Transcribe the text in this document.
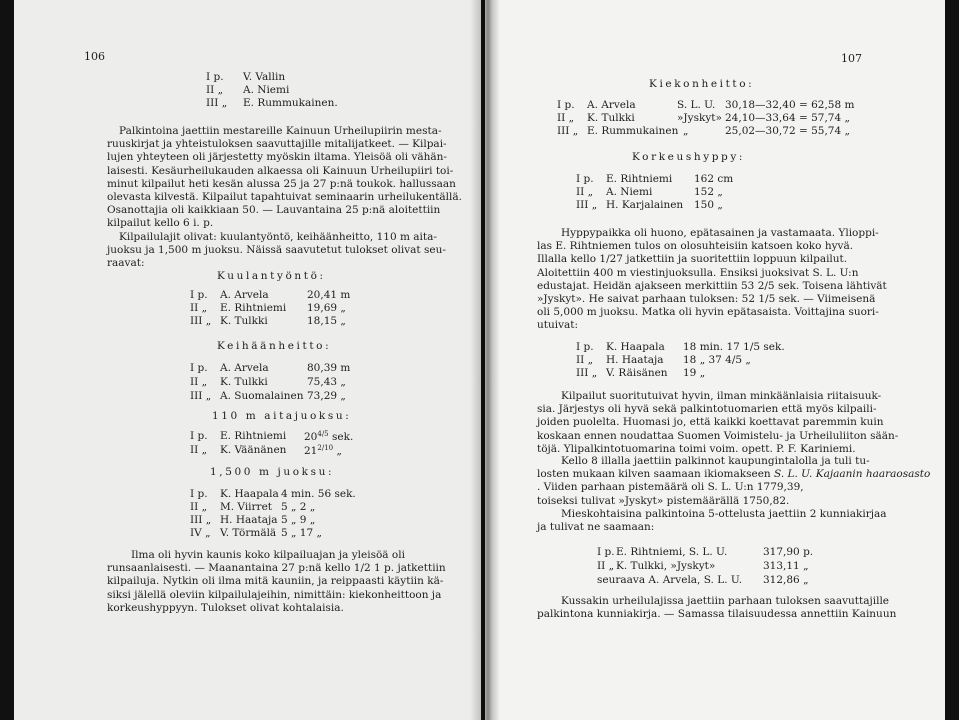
106
I p. V. Vallin
II „ A. Niemi
III „ E. Rummukainen.
Palkintoina jaettiin mestareille Kainuun Urheilupiirin mesta-
ruuskirjat ja yhteistuloksen saavuttajille mitalijatkeet. — Kilpai-
lujen yhteyteen oli järjestetty myöskin iltama. Yleisöä oli vähän-
laisesti. Kesäurheilukauden alkaessa oli Kainuun Urheilupiiri toi-
minut kilpailut heti kesän alussa 25 ja 27 p:nä toukok. hallussaan
olevasta kilvestä. Kilpailut tapahtuivat seminaarin urheilukentällä.
Osanottajia oli kaikkiaan 50. — Lauvantaina 25 p:nä aloitettiin
kilpailut kello 6 i. p.
Kilpailulajit olivat: kuulantyöntö, keihäänheitto, 110 m aita-
juoksu ja 1,500 m juoksu. Näissä saavutetut tulokset olivat seu-
raavat:
Kuulantyöntö:
I p. A. Arvela	20,41 m
II „ E. Rihtniemi 19,69 „
III „ K. Tulkki	18,15 „
Keihäänheitto:
I p. A. Arvela	80,39 m
II „ K. Tulkki	75,43 „
III „ A. Suomalainen 73,29 „
110 m aitajuoksu:
I p. E. Rihtniemi $20^{4/5}$ sek.
II „ K. Väänänen $21^{2/10}$ „
1,500 m juoksu:
I p. K. Haapala 4 min. 56 sek.
II „ M. Viirret 5 „ 2 „
III „ H. Haataja 5 „ 9 „
IV „ V. Törmälä 5 „ 17 „
Ilma oli hyvin kaunis koko kilpailuajan ja yleisöä oli
runsaanlaisesti. — Maanantaina 27 p:nä kello 1/2 1 p. jatkettiin
kilpailuja. Nytkin oli ilma mitä kauniin, ja reippaasti käytiin kä-
siksi jälellä oleviin kilpailulajeihin, nimittäin: kiekonheittoon ja
korkeushyppyyn. Tulokset olivat kohtalaisia.
107
Kiekonheitto:
I p. A. Arvela	S. L. U. 30,18—32,40 = 62,58 m
II „ K. Tulkki	»Jyskyt» 24,10—33,64 = 57,74 „
III „ E. Rummukainen „	25,02—30,72 = 55,74 „
Korkeushyppy:
I p. E. Rihtniemi 162 cm
II „ A. Niemi	152 „
III „ H. Karjalainen 150 „
Hyppypaikka oli huono, epätasainen ja vastamaata. Ylioppi-
las E. Rihtniemen tulos on olosuhteisiin katsoen koko hyvä.
Illalla kello 1/27 jatkettiin ja suoritettiin loppuun kilpailut.
Aloitettiin 400 m viestinjuoksulla. Ensiksi juoksivat S. L. U:n
edustajat. Heidän ajakseen merkittiin 53 2/5 sek. Toisena lähtivät
»Jyskyt». He saivat parhaan tuloksen: 52 1/5 sek. — Viimeisenä
oli 5,000 m juoksu. Matka oli hyvin epätasaista. Voittajina suori-
utuivat:
I p. K. Haapala 18 min. 17 1/5 sek.
II „ H. Haataja 18 „ 37 4/5 „
III „ V. Räisänen 19 „
Kilpailut suoritutuivat hyvin, ilman minkäänlaisia riitaisuuk-
sia. Järjestys oli hyvä sekä palkintotuomarien että myös kilpaili-
joiden puolelta. Huomasi jo, että kaikki koettavat paremmin kuin
koskaan ennen noudattaa Suomen Voimistelu- ja Urheiluliiton sään-
töjä. Ylipalkintotuomarina toimi voim. opett. P. F. Kariniemi.
Kello 8 illalla jaettiin palkinnot kaupungintalolla ja tuli tu-
losten mukaan kilven saamaan ikiomakseen S. L. U. Kajaanin haaraosasto
. Viiden parhaan pistemäärä oli S. L. U:n 1779,39,
toiseksi tulivat »Jyskyt» pistemäärällä 1750,82.
Mieskohtaisina palkintoina 5-ottelusta jaettiin 2 kunniakirjaa
ja tulivat ne saamaan:
I p. E. Rihtniemi, S. L. U.	317,90 p.
II „ K. Tulkki, »Jyskyt»	313,11 „
seuraava A. Arvela, S. L. U. 312,86 „
Kussakin urheilulajissa jaettiin parhaan tuloksen saavuttajille
palkintona kunniakirja. — Samassa tilaisuudessa annettiin Kainuun
